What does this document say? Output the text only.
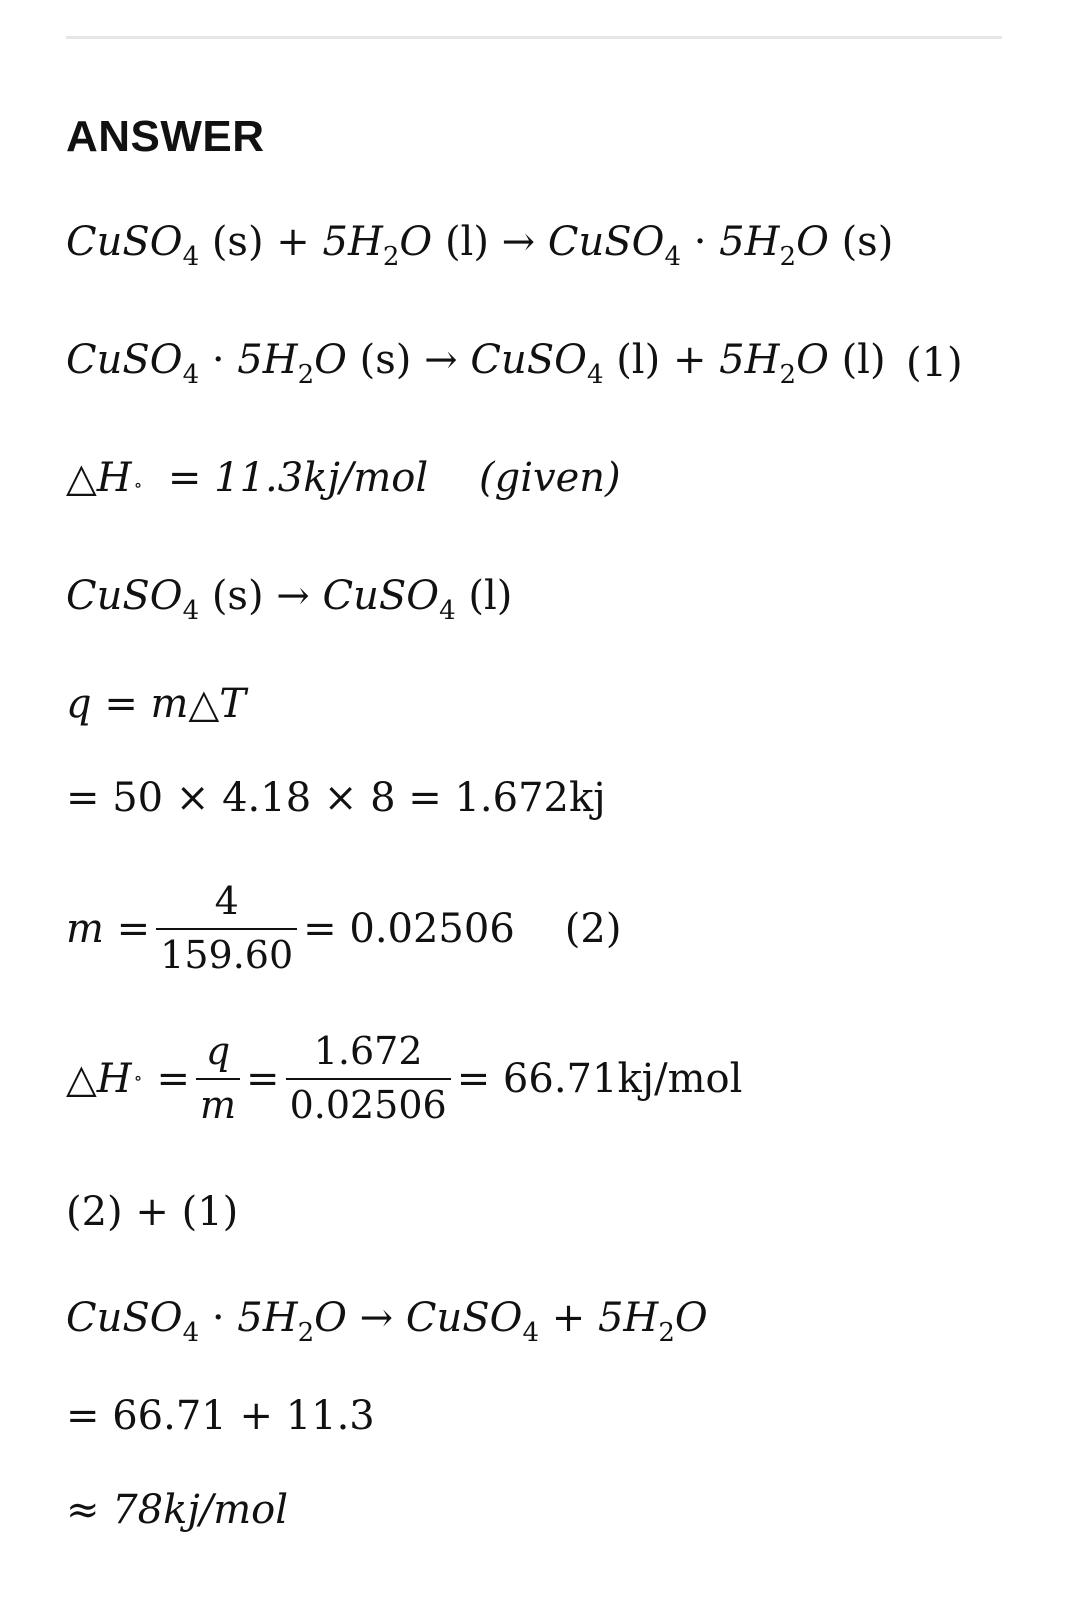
ANSWER
CuSO$_4$ $(s) + 5H_2O$ (l) → CuSO$_4$ · $5H_2O$ (s)
CuSO$_4$ · $5H_2O$ (s) → CuSO$_4$ $(l) + 5H_2O$ (l) (1)
△H ∘ = 11.3kj/mol (given)
CuSO$_4$ (s) → CuSO$_4$ (l)
q = m△T
= 50 × 4.18 × 8 = 1.672kj
$m = \frac{4}{159.60} = 0.02506$ (2)
△H ∘ = $\frac{q}{m} = \frac{1.672}{0.02506} = 66.71kj/mol$
(2) + (1)
CuSO$_4$ · $5H_2O$ → CuSO$_4$ + $5H_2O$
= 66.71 + 11.3
≈ 78kj/mol
